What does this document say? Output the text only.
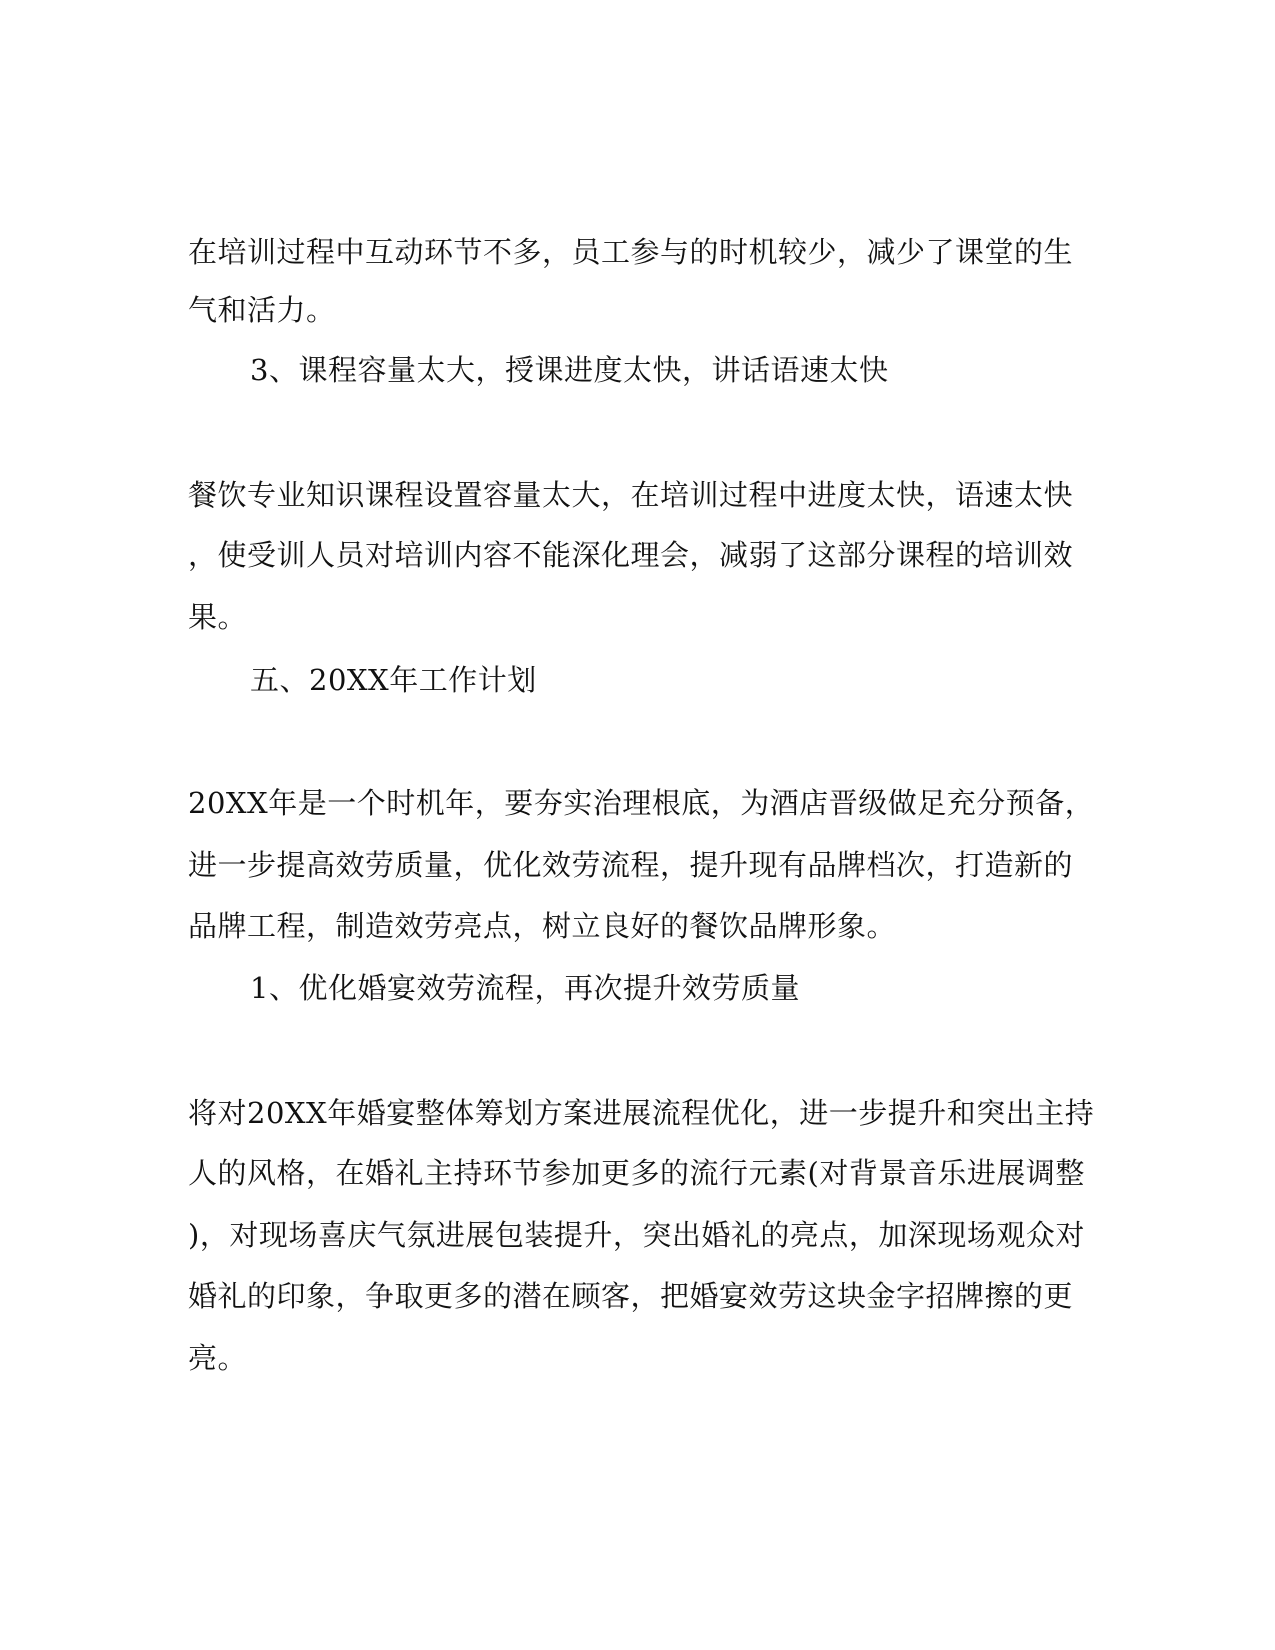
在培训过程中互动环节不多，员工参与的时机较少，减少了课堂的生
气和活力。
3、课程容量太大，授课进度太快，讲话语速太快
餐饮专业知识课程设置容量太大，在培训过程中进度太快，语速太快
，使受训人员对培训内容不能深化理会，减弱了这部分课程的培训效
果。
五、20XX年工作计划
20XX年是一个时机年，要夯实治理根底，为酒店晋级做足充分预备，
进一步提高效劳质量，优化效劳流程，提升现有品牌档次，打造新的
品牌工程，制造效劳亮点，树立良好的餐饮品牌形象。
1、优化婚宴效劳流程，再次提升效劳质量
将对20XX年婚宴整体筹划方案进展流程优化，进一步提升和突出主持
人的风格，在婚礼主持环节参加更多的流行元素(对背景音乐进展调整
)，对现场喜庆气氛进展包装提升，突出婚礼的亮点，加深现场观众对
婚礼的印象，争取更多的潜在顾客，把婚宴效劳这块金字招牌擦的更
亮。
